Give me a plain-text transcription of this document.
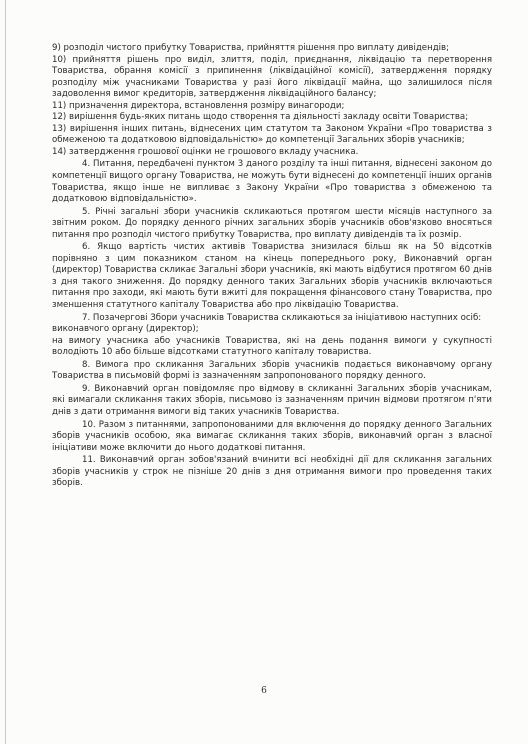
9) розподіл чистого прибутку Товариства, прийняття рішення про виплату дивідендів;

10) прийняття рішень про виділ, злиття, поділ, приєднання, ліквідацію та перетворення Товариства, обрання комісії з припинення (ліквідаційної комісії), затвердження порядку розподілу між учасниками Товариства у разі його ліквідації майна, що залишилося після задоволення вимог кредиторів, затвердження ліквідаційного балансу;

11) призначення директора, встановлення розміру винагороди;

12) вирішення будь-яких питань щодо створення та діяльності закладу освіти Товариства;

13) вирішення інших питань, віднесених цим статутом та Законом України «Про товариства з обмеженою та додатковою відповідальністю» до компетенції Загальних зборів учасників;

14) затвердження грошової оцінки не грошового вкладу учасника.

4. Питання, передбачені пунктом 3 даного розділу та інші питання, віднесені законом до компетенції вищого органу Товариства, не можуть бути віднесені до компетенції інших органів Товариства, якщо інше не випливає з Закону України «Про товариства з обмеженою та додатковою відповідальністю».

5. Річні загальні збори учасників скликаються протягом шести місяців наступного за звітним роком. До порядку денного річних загальних зборів учасників обов'язково вносяться питання про розподіл чистого прибутку Товариства, про виплату дивідендів та їх розмір.

6. Якщо вартість чистих активів Товариства знизилася більш як на 50 відсотків порівняно з цим показником станом на кінець попереднього року, Виконавчий орган (директор) Товариства скликає Загальні збори учасників, які мають відбутися протягом 60 днів з дня такого зниження. До порядку денного таких Загальних зборів учасників включаються питання про заходи, які мають бути вжиті для покращення фінансового стану Товариства, про зменшення статутного капіталу Товариства або про ліквідацію Товариства.

7. Позачергові Збори учасників Товариства скликаються за ініціативою наступних осіб:

виконавчого органу (директор);

на вимогу учасника або учасників Товариства, які на день подання вимоги у сукупності володіють 10 або більше відсотками статутного капіталу товариства.

8. Вимога про скликання Загальних зборів учасників подається виконавчому органу Товариства в письмовій формі із зазначенням запропонованого порядку денного.

9. Виконавчий орган повідомляє про відмову в скликанні Загальних зборів учасникам, які вимагали скликання таких зборів, письмово із зазначенням причин відмови протягом п'яти днів з дати отримання вимоги від таких учасників Товариства.

10. Разом з питаннями, запропонованими для включення до порядку денного Загальних зборів учасників особою, яка вимагає скликання таких зборів, виконавчий орган з власної ініціативи може включити до нього додаткові питання.

11. Виконавчий орган зобов'язаний вчинити всі необхідні дії для скликання загальних зборів учасників у строк не пізніше 20 днів з дня отримання вимоги про проведення таких зборів.

6
